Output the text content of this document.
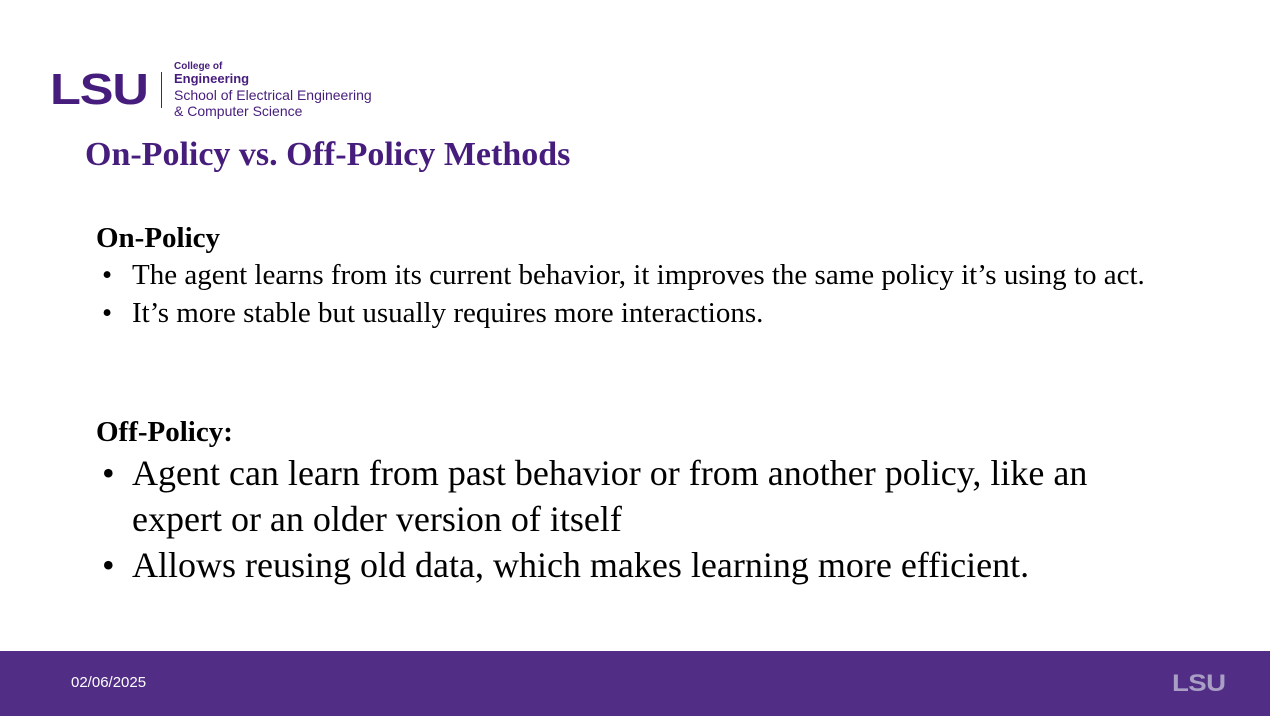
LSU	College of
Engineering
School of Electrical Engineering
& Computer Science
On-Policy vs. Off-Policy Methods

On-Policy

• The agent learns from its current behavior, it improves the same policy it’s using to act.
• It’s more stable but usually requires more interactions.

Off-Policy:

• Agent can learn from past behavior or from another policy, like an expert or an older version of itself
• Allows reusing old data, which makes learning more efficient.
02/06/2025	LSU
